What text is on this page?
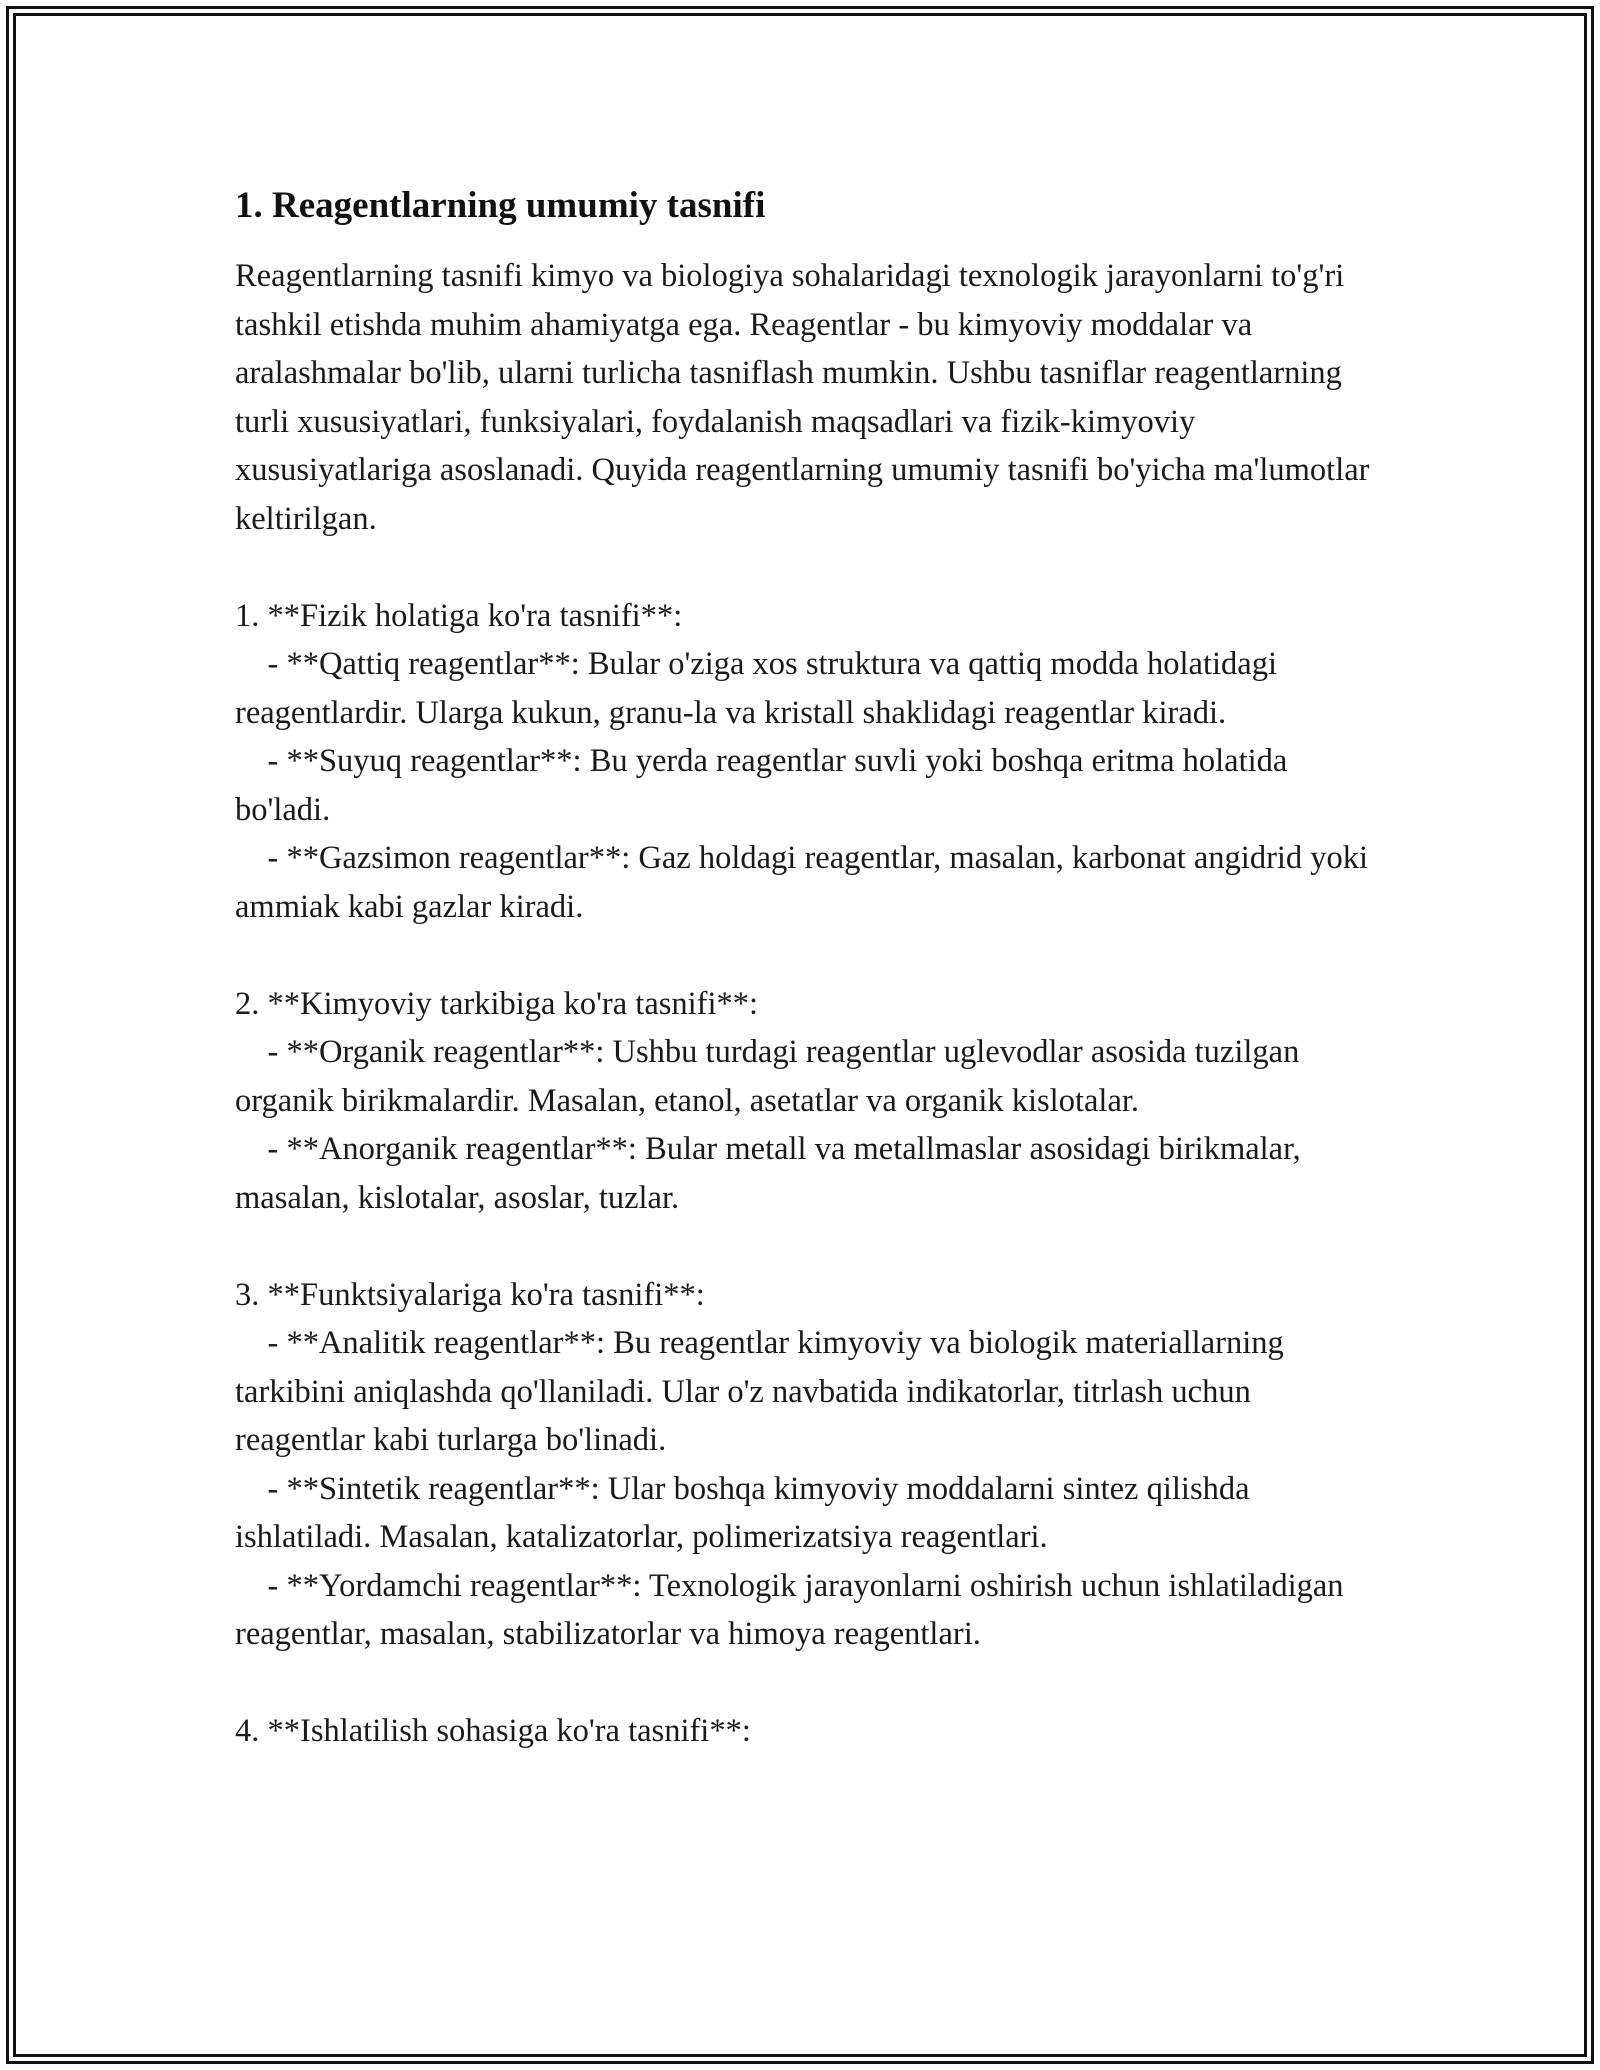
1. Reagentlarning umumiy tasnifi

Reagentlarning tasnifi kimyo va biologiya sohalaridagi texnologik jarayonlarni to'g'ri tashkil etishda muhim ahamiyatga ega. Reagentlar - bu kimyoviy moddalar va aralashmalar bo'lib, ularni turlicha tasniflash mumkin. Ushbu tasniflar reagentlarning turli xususiyatlari, funksiyalari, foydalanish maqsadlari va fizik-kimyoviy xususiyatlariga asoslanadi. Quyida reagentlarning umumiy tasnifi bo'yicha ma'lumotlar keltirilgan.

1. **Fizik holatiga ko'ra tasnifi**:

- **Qattiq reagentlar**: Bular o'ziga xos struktura va qattiq modda holatidagi reagentlardir. Ularga kukun, granu-la va kristall shaklidagi reagentlar kiradi.

- **Suyuq reagentlar**: Bu yerda reagentlar suvli yoki boshqa eritma holatida bo'ladi.

- **Gazsimon reagentlar**: Gaz holdagi reagentlar, masalan, karbonat angidrid yoki ammiak kabi gazlar kiradi.

2. **Kimyoviy tarkibiga ko'ra tasnifi**:

- **Organik reagentlar**: Ushbu turdagi reagentlar uglevodlar asosida tuzilgan organik birikmalardir. Masalan, etanol, asetatlar va organik kislotalar.

- **Anorganik reagentlar**: Bular metall va metallmaslar asosidagi birikmalar, masalan, kislotalar, asoslar, tuzlar.

3. **Funktsiyalariga ko'ra tasnifi**:

- **Analitik reagentlar**: Bu reagentlar kimyoviy va biologik materiallarning tarkibini aniqlashda qo'llaniladi. Ular o'z navbatida indikatorlar, titrlash uchun reagentlar kabi turlarga bo'linadi.

- **Sintetik reagentlar**: Ular boshqa kimyoviy moddalarni sintez qilishda ishlatiladi. Masalan, katalizatorlar, polimerizatsiya reagentlari.

- **Yordamchi reagentlar**: Texnologik jarayonlarni oshirish uchun ishlatiladigan reagentlar, masalan, stabilizatorlar va himoya reagentlari.

4. **Ishlatilish sohasiga ko'ra tasnifi**:
